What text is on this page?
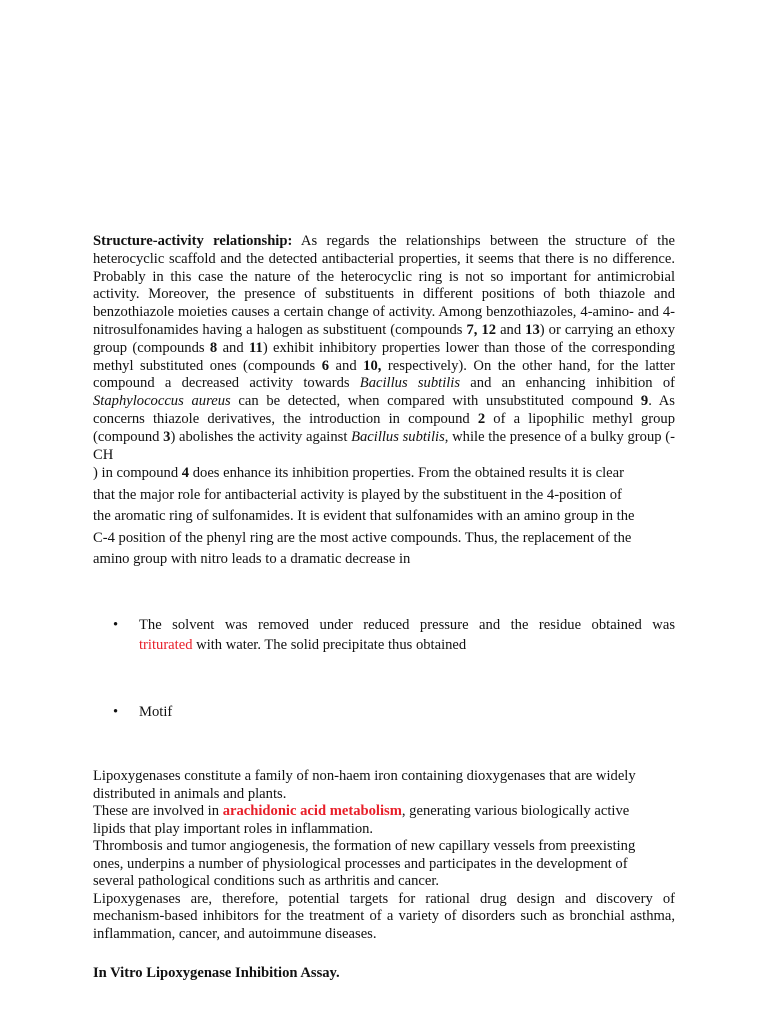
Structure-activity relationship: As regards the relationships between the structure of the heterocyclic scaffold and the detected antibacterial properties, it seems that there is no difference. Probably in this case the nature of the heterocyclic ring is not so important for antimicrobial activity. Moreover, the presence of substituents in different positions of both thiazole and benzothiazole moieties causes a certain change of activity. Among benzothiazoles, 4-amino- and 4-nitrosulfonamides having a halogen as substituent (compounds 7, 12 and 13) or carrying an ethoxy group (compounds 8 and 11) exhibit inhibitory properties lower than those of the corresponding methyl substituted ones (compounds 6 and 10, respectively). On the other hand, for the latter compound a decreased activity towards Bacillus subtilis and an enhancing inhibition of Staphylococcus aureus can be detected, when compared with unsubstituted compound 9. As concerns thiazole derivatives, the introduction in compound 2 of a lipophilic methyl group (compound 3) abolishes the activity against Bacillus subtilis, while the presence of a bulky group (-CH

) in compound 4 does enhance its inhibition properties. From the obtained results it is clear
that the major role for antibacterial activity is played by the substituent in the 4-position of
the aromatic ring of sulfonamides. It is evident that sulfonamides with an amino group in the
C-4 position of the phenyl ring are the most active compounds. Thus, the replacement of the
amino group with nitro leads to a dramatic decrease in
•	The solvent was removed under reduced pressure and the residue obtained was
triturated with water. The solid precipitate thus obtained
•	Motif
Lipoxygenases constitute a family of non-haem iron containing dioxygenases that are widely
distributed in animals and plants.
These are involved in arachidonic acid metabolism, generating various biologically active
lipids that play important roles in inflammation.
Thrombosis and tumor angiogenesis, the formation of new capillary vessels from preexisting
ones, underpins a number of physiological processes and participates in the development of
several pathological conditions such as arthritis and cancer.

Lipoxygenases are, therefore, potential targets for rational drug design and discovery of mechanism-based inhibitors for the treatment of a variety of disorders such as bronchial asthma, inflammation, cancer, and autoimmune diseases.

In Vitro Lipoxygenase Inhibition Assay.
